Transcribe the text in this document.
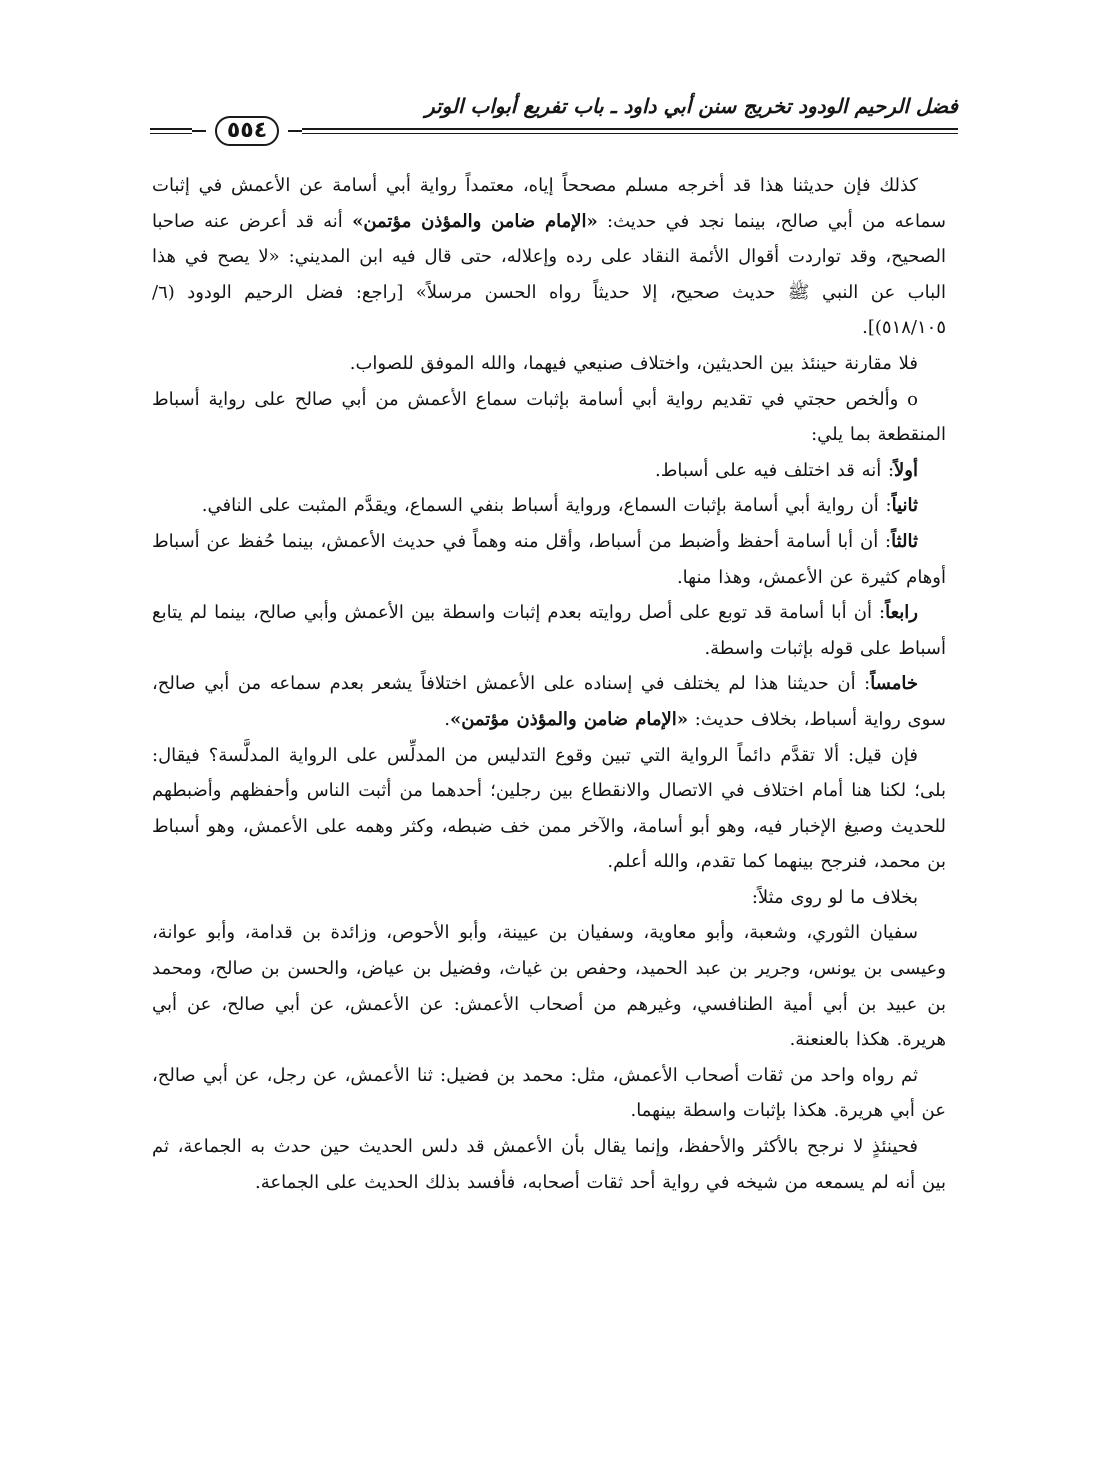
فضل الرحيم الودود تخريج سنن أبي داود ـ باب تفريع أبواب الوتر
٥٥٤

كذلك فإن حديثنا هذا قد أخرجه مسلم مصححاً إياه، معتمداً رواية أبي أسامة عن الأعمش في إثبات سماعه من أبي صالح، بينما نجد في حديث: «الإمام ضامن والمؤذن مؤتمن» أنه قد أعرض عنه صاحبا الصحيح، وقد تواردت أقوال الأئمة النقاد على رده وإعلاله، حتى قال فيه ابن المديني: «لا يصح في هذا الباب عن النبي ﷺ حديث صحيح، إلا حديثاً رواه الحسن مرسلاً» [راجع: فضل الرحيم الودود (٦/ ٥١٨/١٠٥)].

فلا مقارنة حينئذ بين الحديثين، واختلاف صنيعي فيهما، والله الموفق للصواب.

o وألخص حجتي في تقديم رواية أبي أسامة بإثبات سماع الأعمش من أبي صالح على رواية أسباط المنقطعة بما يلي:

أولاً: أنه قد اختلف فيه على أسباط.

ثانياً: أن رواية أبي أسامة بإثبات السماع، ورواية أسباط بنفي السماع، ويقدَّم المثبت على النافي.

ثالثاً: أن أبا أسامة أحفظ وأضبط من أسباط، وأقل منه وهماً في حديث الأعمش، بينما حُفظ عن أسباط أوهام كثيرة عن الأعمش، وهذا منها.

رابعاً: أن أبا أسامة قد توبع على أصل روايته بعدم إثبات واسطة بين الأعمش وأبي صالح، بينما لم يتابع أسباط على قوله بإثبات واسطة.

خامساً: أن حديثنا هذا لم يختلف في إسناده على الأعمش اختلافاً يشعر بعدم سماعه من أبي صالح، سوى رواية أسباط، بخلاف حديث: «الإمام ضامن والمؤذن مؤتمن».

فإن قيل: ألا تقدَّم دائماً الرواية التي تبين وقوع التدليس من المدلِّس على الرواية المدلَّسة؟ فيقال: بلى؛ لكنا هنا أمام اختلاف في الاتصال والانقطاع بين رجلين؛ أحدهما من أثبت الناس وأحفظهم وأضبطهم للحديث وصيغ الإخبار فيه، وهو أبو أسامة، والآخر ممن خف ضبطه، وكثر وهمه على الأعمش، وهو أسباط بن محمد، فنرجح بينهما كما تقدم، والله أعلم.

بخلاف ما لو روى مثلاً:

سفيان الثوري، وشعبة، وأبو معاوية، وسفيان بن عيينة، وأبو الأحوص، وزائدة بن قدامة، وأبو عوانة، وعيسى بن يونس، وجرير بن عبد الحميد، وحفص بن غياث، وفضيل بن عياض، والحسن بن صالح، ومحمد بن عبيد بن أبي أمية الطنافسي، وغيرهم من أصحاب الأعمش: عن الأعمش، عن أبي صالح، عن أبي هريرة. هكذا بالعنعنة.

ثم رواه واحد من ثقات أصحاب الأعمش، مثل: محمد بن فضيل: ثنا الأعمش، عن رجل، عن أبي صالح، عن أبي هريرة. هكذا بإثبات واسطة بينهما.

فحينئذٍ لا نرجح بالأكثر والأحفظ، وإنما يقال بأن الأعمش قد دلس الحديث حين حدث به الجماعة، ثم بين أنه لم يسمعه من شيخه في رواية أحد ثقات أصحابه، فأفسد بذلك الحديث على الجماعة.
